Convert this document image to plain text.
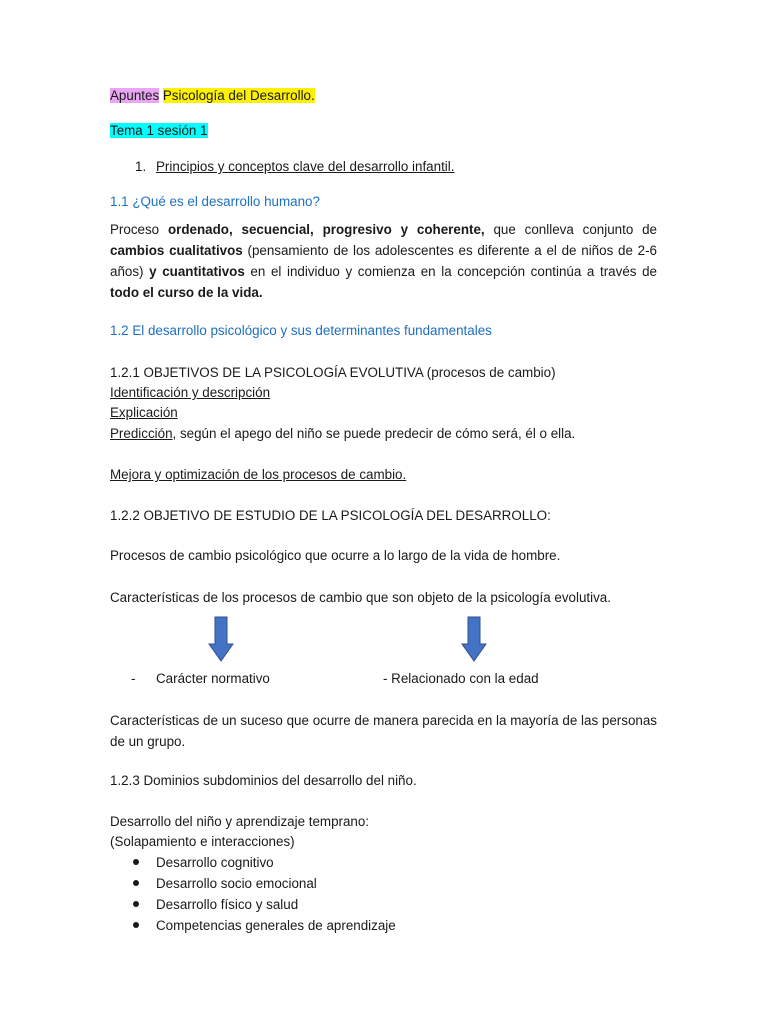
Apuntes Psicología del Desarrollo.
Tema 1 sesión 1
1. Principios y conceptos clave del desarrollo infantil.
1.1 ¿Qué es el desarrollo humano?
Proceso ordenado, secuencial, progresivo y coherente, que conlleva conjunto de cambios cualitativos (pensamiento de los adolescentes es diferente a el de niños de 2-6 años) y cuantitativos en el individuo y comienza en la concepción continúa a través de todo el curso de la vida.
1.2 El desarrollo psicológico y sus determinantes fundamentales
1.2.1 OBJETIVOS DE LA PSICOLOGÍA EVOLUTIVA (procesos de cambio)
Identificación y descripción
Explicación
Predicción, según el apego del niño se puede predecir de cómo será, él o ella.
Mejora y optimización de los procesos de cambio.
1.2.2 OBJETIVO DE ESTUDIO DE LA PSICOLOGÍA DEL DESARROLLO:
Procesos de cambio psicológico que ocurre a lo largo de la vida de hombre.
Características de los procesos de cambio que son objeto de la psicología evolutiva.
- Carácter normativo	- Relacionado con la edad
Características de un suceso que ocurre de manera parecida en la mayoría de las personas de un grupo.
1.2.3 Dominios subdominios del desarrollo del niño.
Desarrollo del niño y aprendizaje temprano:
(Solapamiento e interacciones)
Desarrollo cognitivo
Desarrollo socio emocional
Desarrollo físico y salud
Competencias generales de aprendizaje
